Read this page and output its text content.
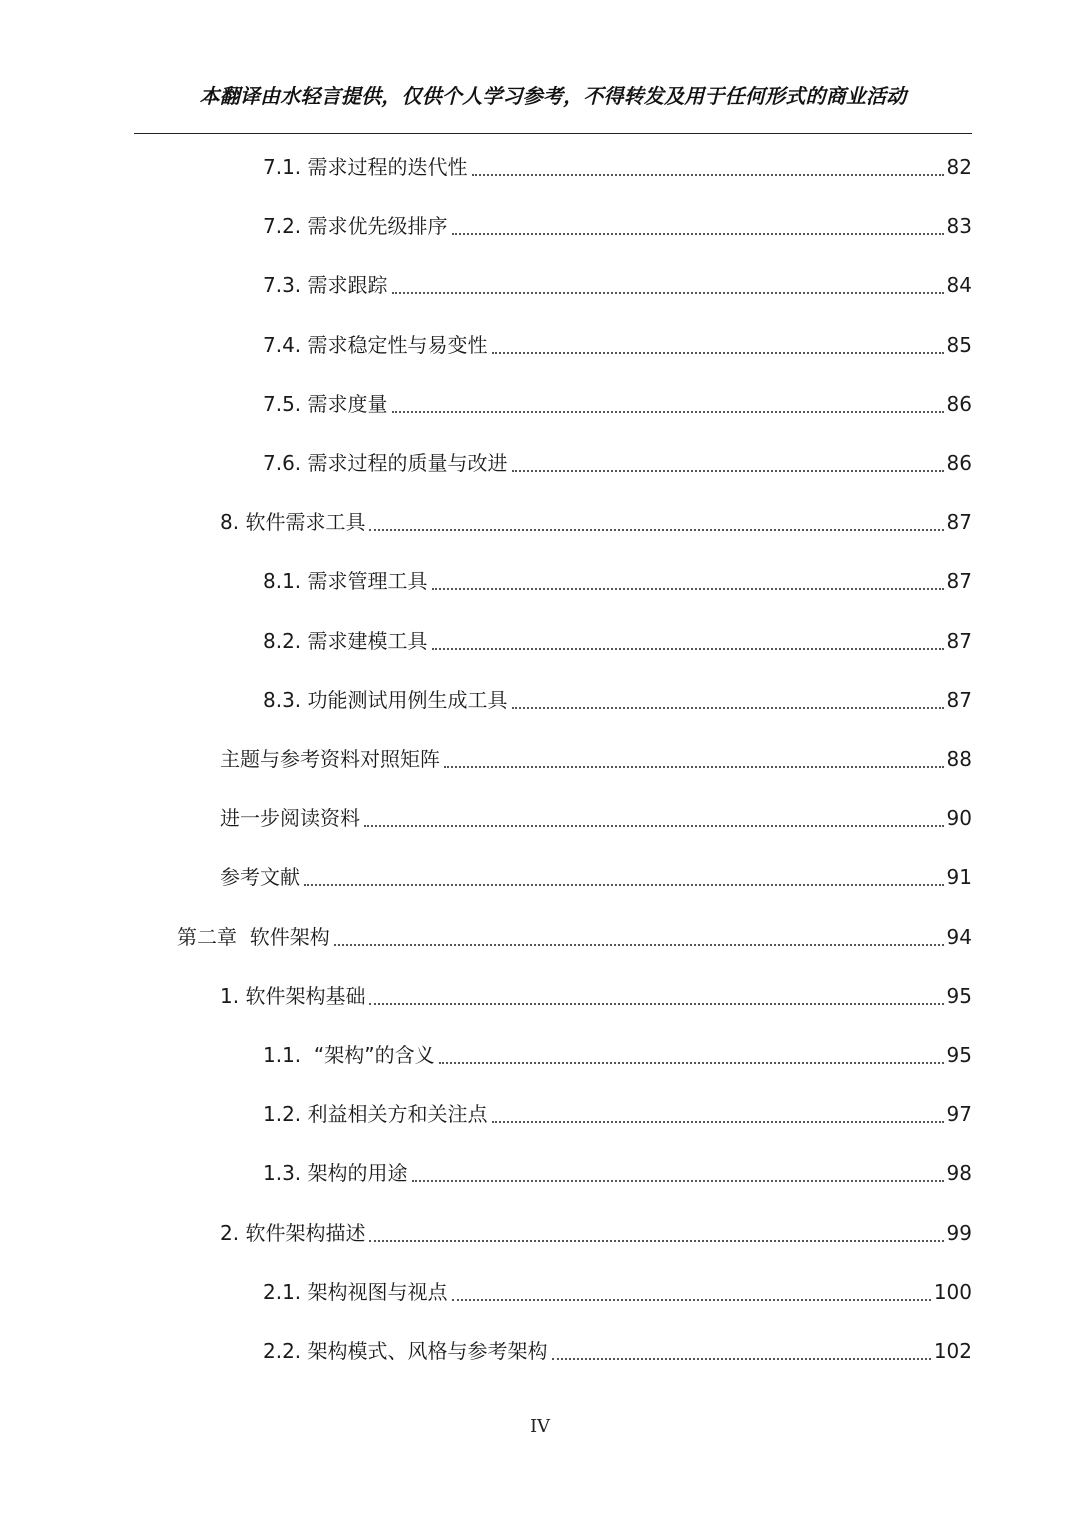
本翻译由水轻言提供，仅供个人学习参考，不得转发及用于任何形式的商业活动
7.1. 需求过程的迭代性	82
7.2. 需求优先级排序	83
7.3. 需求跟踪	84
7.4. 需求稳定性与易变性	85
7.5. 需求度量	86
7.6. 需求过程的质量与改进	86
8. 软件需求工具	87
8.1. 需求管理工具	87
8.2. 需求建模工具	87
8.3. 功能测试用例生成工具	87
主题与参考资料对照矩阵	88
进一步阅读资料	90
参考文献	91
第二章 软件架构	94
1. 软件架构基础	95
1.1. “架构”的含义	95
1.2. 利益相关方和关注点	97
1.3. 架构的用途	98
2. 软件架构描述	99
2.1. 架构视图与视点	100
2.2. 架构模式、风格与参考架构	102
IV
